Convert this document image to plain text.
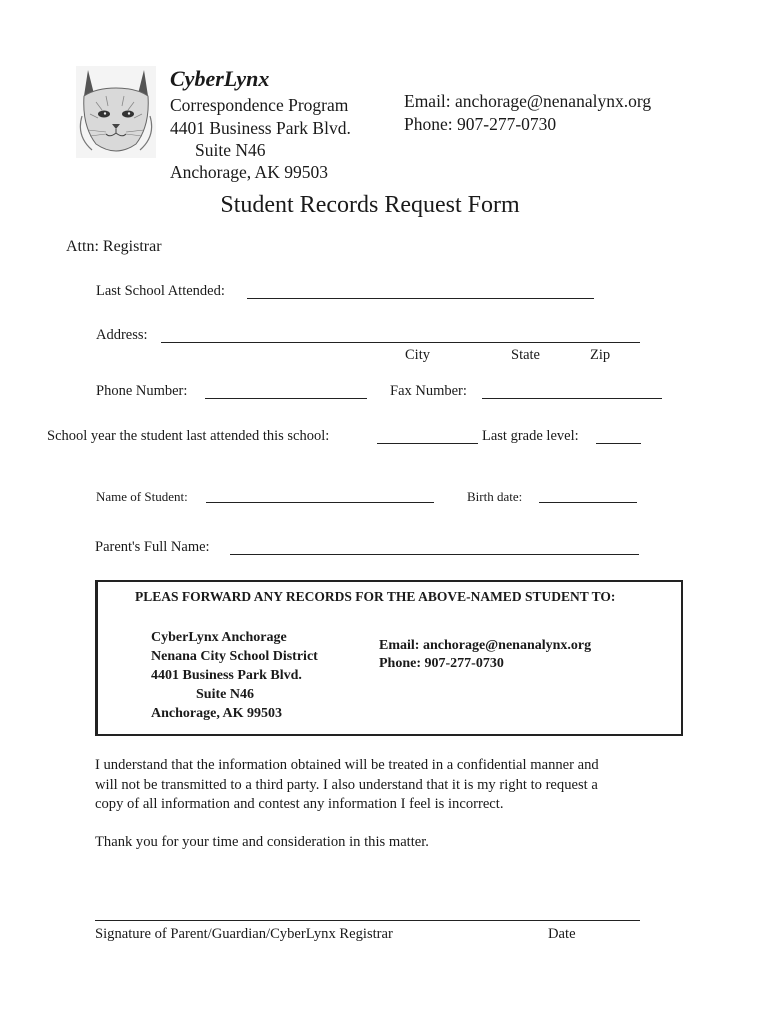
CyberLynx
Correspondence Program
4401 Business Park Blvd.
Suite N46
Anchorage, AK 99503
Email: anchorage@nenanalynx.org
Phone: 907-277-0730
Student Records Request Form
Attn: Registrar
Last School Attended:
Address:
City	State	Zip
Phone Number:	Fax Number:
School year the student last attended this school:	Last grade level:
Name of Student:	Birth date:
Parent's Full Name:
PLEAS FORWARD ANY RECORDS FOR THE ABOVE-NAMED STUDENT TO:
CyberLynx Anchorage
Nenana City School District
4401 Business Park Blvd.
Suite N46
Anchorage, AK 99503
Email: anchorage@nenanalynx.org
Phone: 907-277-0730
I understand that the information obtained will be treated in a confidential manner and
will not be transmitted to a third party. I also understand that it is my right to request a
copy of all information and contest any information I feel is incorrect.
Thank you for your time and consideration in this matter.
Signature of Parent/Guardian/CyberLynx Registrar	Date
